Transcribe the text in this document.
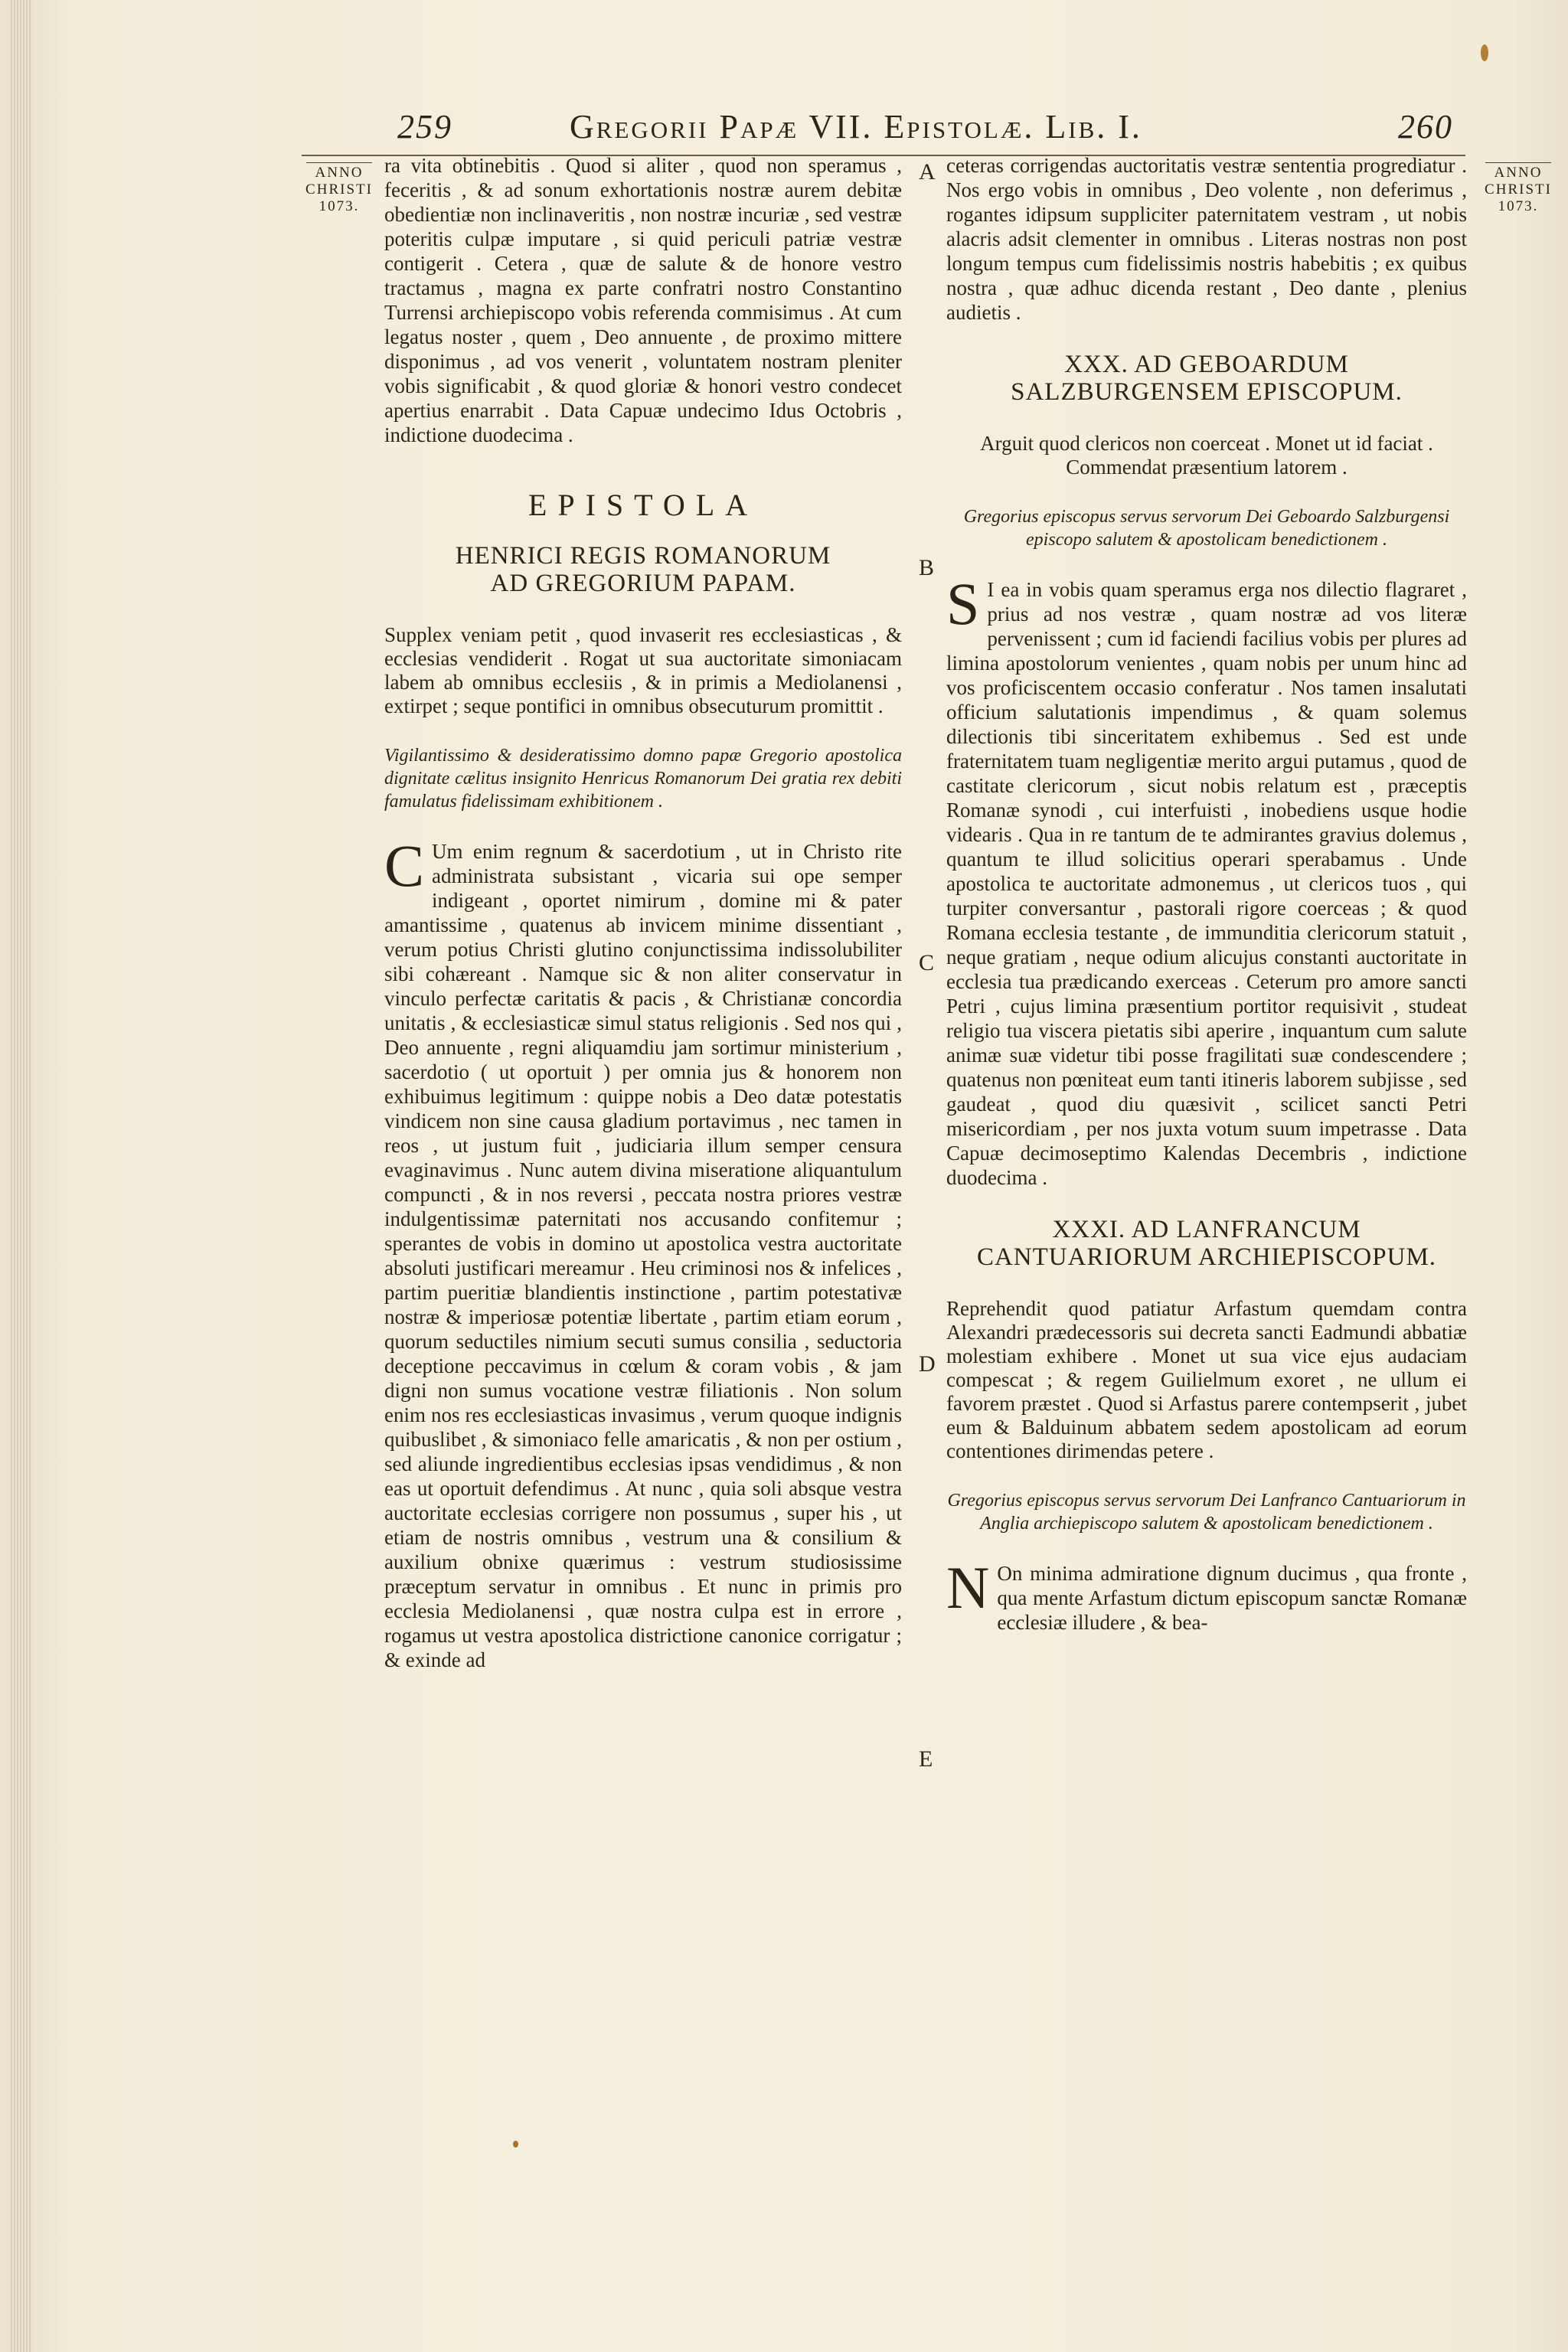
259	Gregorii Papæ VII. Epistolæ. Lib. I.	260
ANNO
CHRISTI
1073.
ANNO
CHRISTI
1073.
A
B
C
D
E

ra vita obtinebitis . Quod si aliter , quod non speramus , feceritis , & ad sonum exhortationis nostræ aurem debitæ obedientiæ non inclinaveritis , non nostræ incuriæ , sed vestræ poteritis culpæ imputare , si quid periculi patriæ vestræ contigerit . Cetera , quæ de salute & de honore vestro tractamus , magna ex parte confratri nostro Constantino Turrensi archiepiscopo vobis referenda commisimus . At cum legatus noster , quem , Deo annuente , de proximo mittere disponimus , ad vos venerit , voluntatem nostram pleniter vobis significabit , & quod gloriæ & honori vestro condecet apertius enarrabit . Data Capuæ undecimo Idus Octobris , indictione duodecima .

EPISTOLA

HENRICI REGIS ROMANORUM

AD GREGORIUM PAPAM.

Supplex veniam petit , quod invaserit res ecclesiasticas , & ecclesias vendiderit . Rogat ut sua auctoritate simoniacam labem ab omnibus ecclesiis , & in primis a Mediolanensi , extirpet ; seque pontifici in omnibus obsecuturum promittit .

Vigilantissimo & desideratissimo domno papæ Gregorio apostolica dignitate cælitus insignito Henricus Romanorum Dei gratia rex debiti famulatus fidelissimam exhibitionem .

C Um enim regnum & sacerdotium , ut in Christo rite administrata subsistant , vicaria sui ope semper indigeant , oportet nimirum , domine mi & pater amantissime , quatenus ab invicem minime dissentiant , verum potius Christi glutino conjunctissima indissolubiliter sibi cohæreant . Namque sic & non aliter conservatur in vinculo perfectæ caritatis & pacis , & Christianæ concordia unitatis , & ecclesiasticæ simul status religionis . Sed nos qui , Deo annuente , regni aliquamdiu jam sortimur ministerium , sacerdotio ( ut oportuit ) per omnia jus & honorem non exhibuimus legitimum : quippe nobis a Deo datæ potestatis vindicem non sine causa gladium portavimus , nec tamen in reos , ut justum fuit , judiciaria illum semper censura evaginavimus . Nunc autem divina miseratione aliquantulum compuncti , & in nos reversi , peccata nostra priores vestræ indulgentissimæ paternitati nos accusando confitemur ; sperantes de vobis in domino ut apostolica vestra auctoritate absoluti justificari mereamur . Heu criminosi nos & infelices , partim pueritiæ blandientis instinctione , partim potestativæ nostræ & imperiosæ potentiæ libertate , partim etiam eorum , quorum seductiles nimium secuti sumus consilia , seductoria deceptione peccavimus in cœlum & coram vobis , & jam digni non sumus vocatione vestræ filiationis . Non solum enim nos res ecclesiasticas invasimus , verum quoque indignis quibuslibet , & simoniaco felle amaricatis , & non per ostium , sed aliunde ingredientibus ecclesias ipsas vendidimus , & non eas ut oportuit defendimus . At nunc , quia soli absque vestra auctoritate ecclesias corrigere non possumus , super his , ut etiam de nostris omnibus , vestrum una & consilium & auxilium obnixe quærimus : vestrum studiosissime præceptum servatur in omnibus . Et nunc in primis pro ecclesia Mediolanensi , quæ nostra culpa est in errore , rogamus ut vestra apostolica districtione canonice corrigatur ; & exinde ad

ceteras corrigendas auctoritatis vestræ sententia progrediatur . Nos ergo vobis in omnibus , Deo volente , non deferimus , rogantes idipsum suppliciter paternitatem vestram , ut nobis alacris adsit clementer in omnibus . Literas nostras non post longum tempus cum fidelissimis nostris habebitis ; ex quibus nostra , quæ adhuc dicenda restant , Deo dante , plenius audietis .

XXX. AD GEBOARDUM SALZBURGENSEM EPISCOPUM.

Arguit quod clericos non coerceat . Monet ut id faciat . Commendat præsentium latorem .

Gregorius episcopus servus servorum Dei Geboardo Salzburgensi episcopo salutem & apostolicam benedictionem .

S I ea in vobis quam speramus erga nos dilectio flagraret , prius ad nos vestræ , quam nostræ ad vos literæ pervenissent ; cum id faciendi facilius vobis per plures ad limina apostolorum venientes , quam nobis per unum hinc ad vos proficiscentem occasio conferatur . Nos tamen insalutati officium salutationis impendimus , & quam solemus dilectionis tibi sinceritatem exhibemus . Sed est unde fraternitatem tuam negligentiæ merito argui putamus , quod de castitate clericorum , sicut nobis relatum est , præceptis Romanæ synodi , cui interfuisti , inobediens usque hodie videaris . Qua in re tantum de te admirantes gravius dolemus , quantum te illud solicitius operari sperabamus . Unde apostolica te auctoritate admonemus , ut clericos tuos , qui turpiter conversantur , pastorali rigore coerceas ; & quod Romana ecclesia testante , de immunditia clericorum statuit , neque gratiam , neque odium alicujus constanti auctoritate in ecclesia tua prædicando exerceas . Ceterum pro amore sancti Petri , cujus limina præsentium portitor requisivit , studeat religio tua viscera pietatis sibi aperire , inquantum cum salute animæ suæ videtur tibi posse fragilitati suæ condescendere ; quatenus non pœniteat eum tanti itineris laborem subjisse , sed gaudeat , quod diu quæsivit , scilicet sancti Petri misericordiam , per nos juxta votum suum impetrasse . Data Capuæ decimoseptimo Kalendas Decembris , indictione duodecima .

XXXI. AD LANFRANCUM CANTUARIORUM ARCHIEPISCOPUM.

Reprehendit quod patiatur Arfastum quemdam contra Alexandri prædecessoris sui decreta sancti Eadmundi abbatiæ molestiam exhibere . Monet ut sua vice ejus audaciam compescat ; & regem Guilielmum exoret , ne ullum ei favorem præstet . Quod si Arfastus parere contempserit , jubet eum & Balduinum abbatem sedem apostolicam ad eorum contentiones dirimendas petere .

Gregorius episcopus servus servorum Dei Lanfranco Cantuariorum in Anglia archiepiscopo salutem & apostolicam benedictionem .

N On minima admiratione dignum ducimus , qua fronte , qua mente Arfastum dictum episcopum sanctæ Romanæ ecclesiæ illudere , & bea-
